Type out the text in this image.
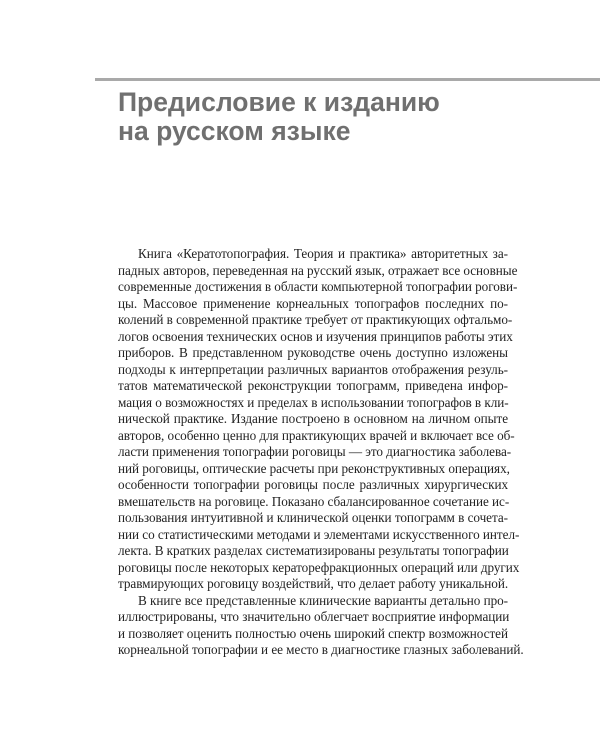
Предисловие к изданию
на русском языке
Книга «Кератотопография. Теория и практика» авторитетных за-
падных авторов, переведенная на русский язык, отражает все основные
современные достижения в области компьютерной топографии рогови-
цы. Массовое применение корнеальных топографов последних по-
колений в современной практике требует от практикующих офтальмо-
логов освоения технических основ и изучения принципов работы этих
приборов. В представленном руководстве очень доступно изложены
подходы к интерпретации различных вариантов отображения резуль-
татов математической реконструкции топограмм, приведена инфор-
мация о возможностях и пределах в использовании топографов в кли-
нической практике. Издание построено в основном на личном опыте
авторов, особенно ценно для практикующих врачей и включает все об-
ласти применения топографии роговицы — это диагностика заболева-
ний роговицы, оптические расчеты при реконструктивных операциях,
особенности топографии роговицы после различных хирургических
вмешательств на роговице. Показано сбалансированное сочетание ис-
пользования интуитивной и клинической оценки топограмм в сочета-
нии со статистическими методами и элементами искусственного интел-
лекта. В кратких разделах систематизированы результаты топографии
роговицы после некоторых кераторефракционных операций или других
травмирующих роговицу воздействий, что делает работу уникальной.
В книге все представленные клинические варианты детально про-
иллюстрированы, что значительно облегчает восприятие информации
и позволяет оценить полностью очень широкий спектр возможностей
корнеальной топографии и ее место в диагностике глазных заболеваний.
